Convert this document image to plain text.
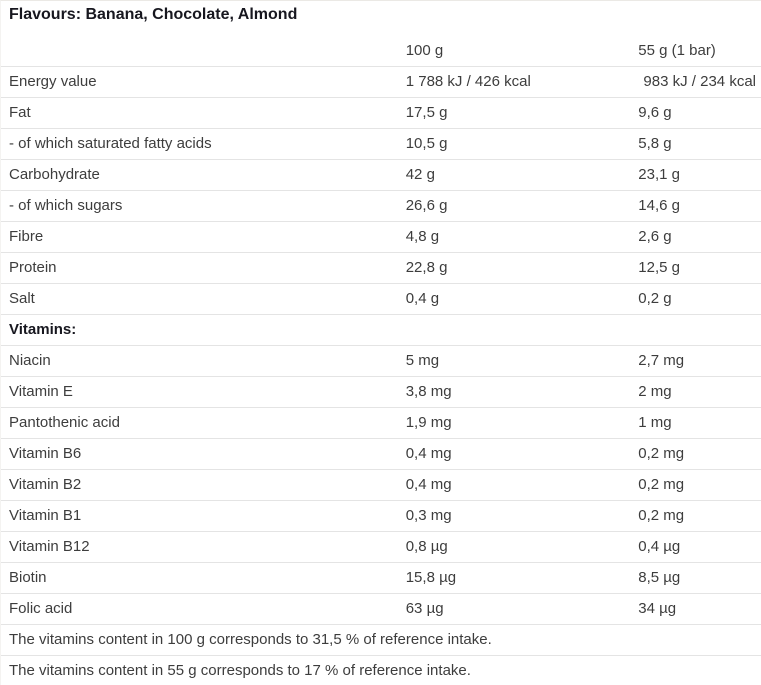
Flavours: Banana, Chocolate, Almond
	100 g	55 g (1 bar)
Energy value	1 788 kJ / 426 kcal	983 kJ / 234 kcal
Fat	17,5 g	9,6 g
- of which saturated fatty acids	10,5 g	5,8 g
Carbohydrate	42 g	23,1 g
- of which sugars	26,6 g	14,6 g
Fibre	4,8 g	2,6 g
Protein	22,8 g	12,5 g
Salt	0,4 g	0,2 g
Vitamins:		
Niacin	5 mg	2,7 mg
Vitamin E	3,8 mg	2 mg
Pantothenic acid	1,9 mg	1 mg
Vitamin B6	0,4 mg	0,2 mg
Vitamin B2	0,4 mg	0,2 mg
Vitamin B1	0,3 mg	0,2 mg
Vitamin B12	0,8 µg	0,4 µg
Biotin	15,8 µg	8,5 µg
Folic acid	63 µg	34 µg
The vitamins content in 100 g corresponds to 31,5 % of reference intake.		
The vitamins content in 55 g corresponds to 17 % of reference intake.		
